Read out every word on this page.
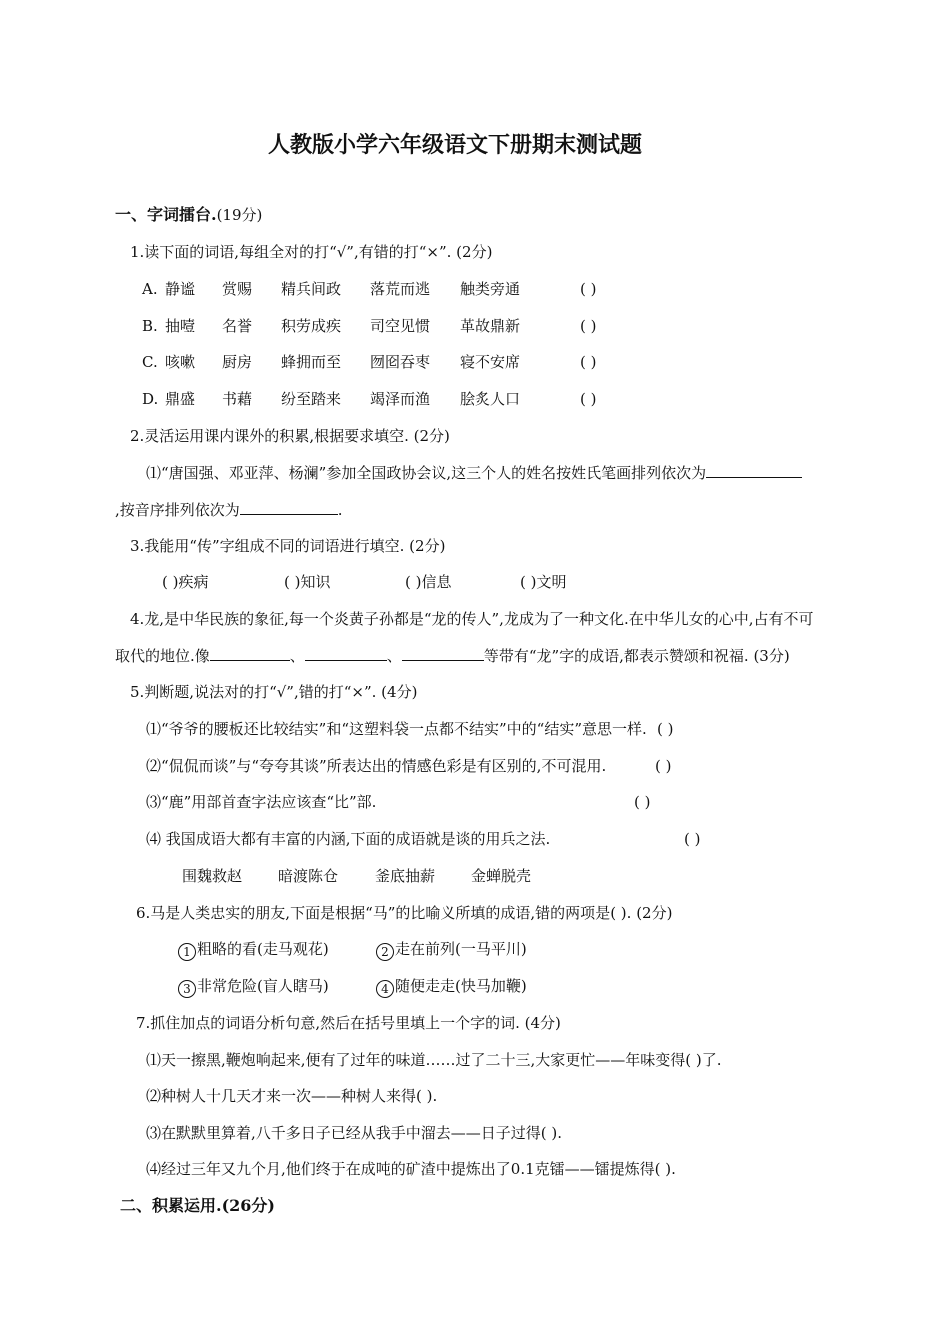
人教版小学六年级语文下册期末测试题
一、字词擂台.(19分)
1.读下面的词语,每组全对的打“√”,有错的打“×”. (2分)
A. 静谧 赏赐 精兵间政 落荒而逃 触类旁通	( )
B. 抽噎 名誉 积劳成疾 司空见惯 革故鼎新	( )
C. 咳嗽 厨房 蜂拥而至 囫囵吞枣 寝不安席	( )
D. 鼎盛 书藉 纷至踏来 竭泽而渔 脍炙人口	( )
2.灵活运用课内课外的积累,根据要求填空. (2分)
⑴“唐国强、邓亚萍、杨澜”参加全国政协会议,这三个人的姓名按姓氏笔画排列依次为
,按音序排列依次为	.
3.我能用“传”字组成不同的词语进行填空. (2分)
( )疾病	( )知识	( )信息	( )文明
4.龙,是中华民族的象征,每一个炎黄子孙都是“龙的传人”,龙成为了一种文化.在中华儿女的心中,占有不可
取代的地位.像	、	、	等带有“龙”字的成语,都表示赞颂和祝福. (3分)
5.判断题,说法对的打“√”,错的打“×”. (4分)
⑴“爷爷的腰板还比较结实”和“这塑料袋一点都不结实”中的“结实”意思一样. ( )
⑵“侃侃而谈”与“夸夸其谈”所表达出的情感色彩是有区别的,不可混用.	( )
⑶“鹿”用部首查字法应该查“比”部.	( )
⑷ 我国成语大都有丰富的内涵,下面的成语就是谈的用兵之法.	( )
围魏救赵 暗渡陈仓 釜底抽薪 金蝉脱壳
6.马是人类忠实的朋友,下面是根据“马”的比喻义所填的成语,错的两项是( ). (2分)
1 粗略的看(走马观花)	2 走在前列(一马平川)
3 非常危险(盲人瞎马)	4 随便走走(快马加鞭)
7.抓住加点的词语分析句意,然后在括号里填上一个字的词. (4分)
⑴天一擦黑,鞭炮响起来,便有了过年的味道……过了二十三,大家更忙——年味变得( )了.
⑵种树人十几天才来一次——种树人来得( ).
⑶在默默里算着,八千多日子已经从我手中溜去——日子过得( ).
⑷经过三年又九个月,他们终于在成吨的矿渣中提炼出了0.1克镭——镭提炼得( ).
二、积累运用.(26分)
